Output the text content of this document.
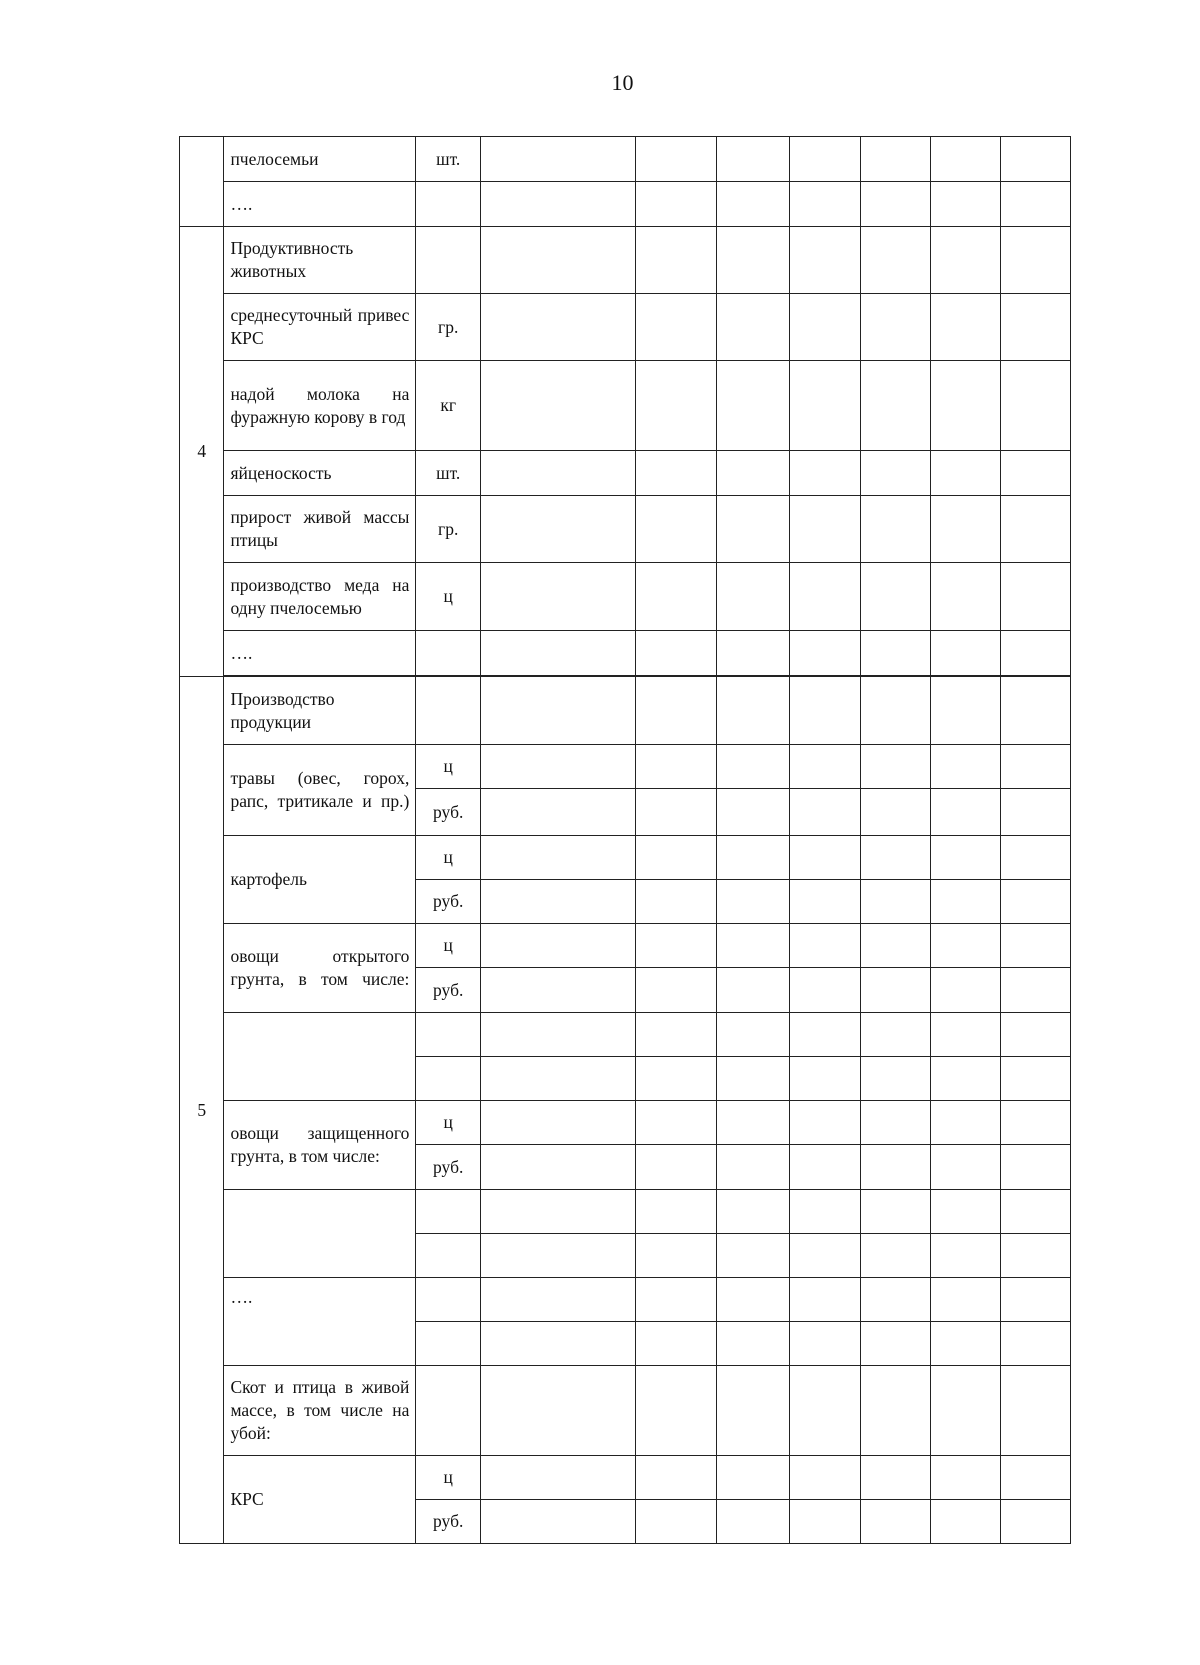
10
	пчелосемьи	шт.							
	….								
4	Продуктивность животных								
	среднесуточный привес КРС	гр.							
	надой молока на фуражную корову в год	кг							
	яйценоскость	шт.							
	прирост живой массы птицы	гр.							
	производство меда на одну пчелосемью	ц							
	….								

5	Производство продукции								
	травы (овес, горох, рапс, тритикале и пр.)	ц							
		руб.							
	картофель	ц							
		руб.							
	овощи открытого грунта, в том числе:	ц							
		руб.							

	овощи защищенного грунта, в том числе:	ц							
		руб.							

	….								

	Скот и птица в живой массе, в том числе на убой:								
	КРС	ц							
		руб.							
